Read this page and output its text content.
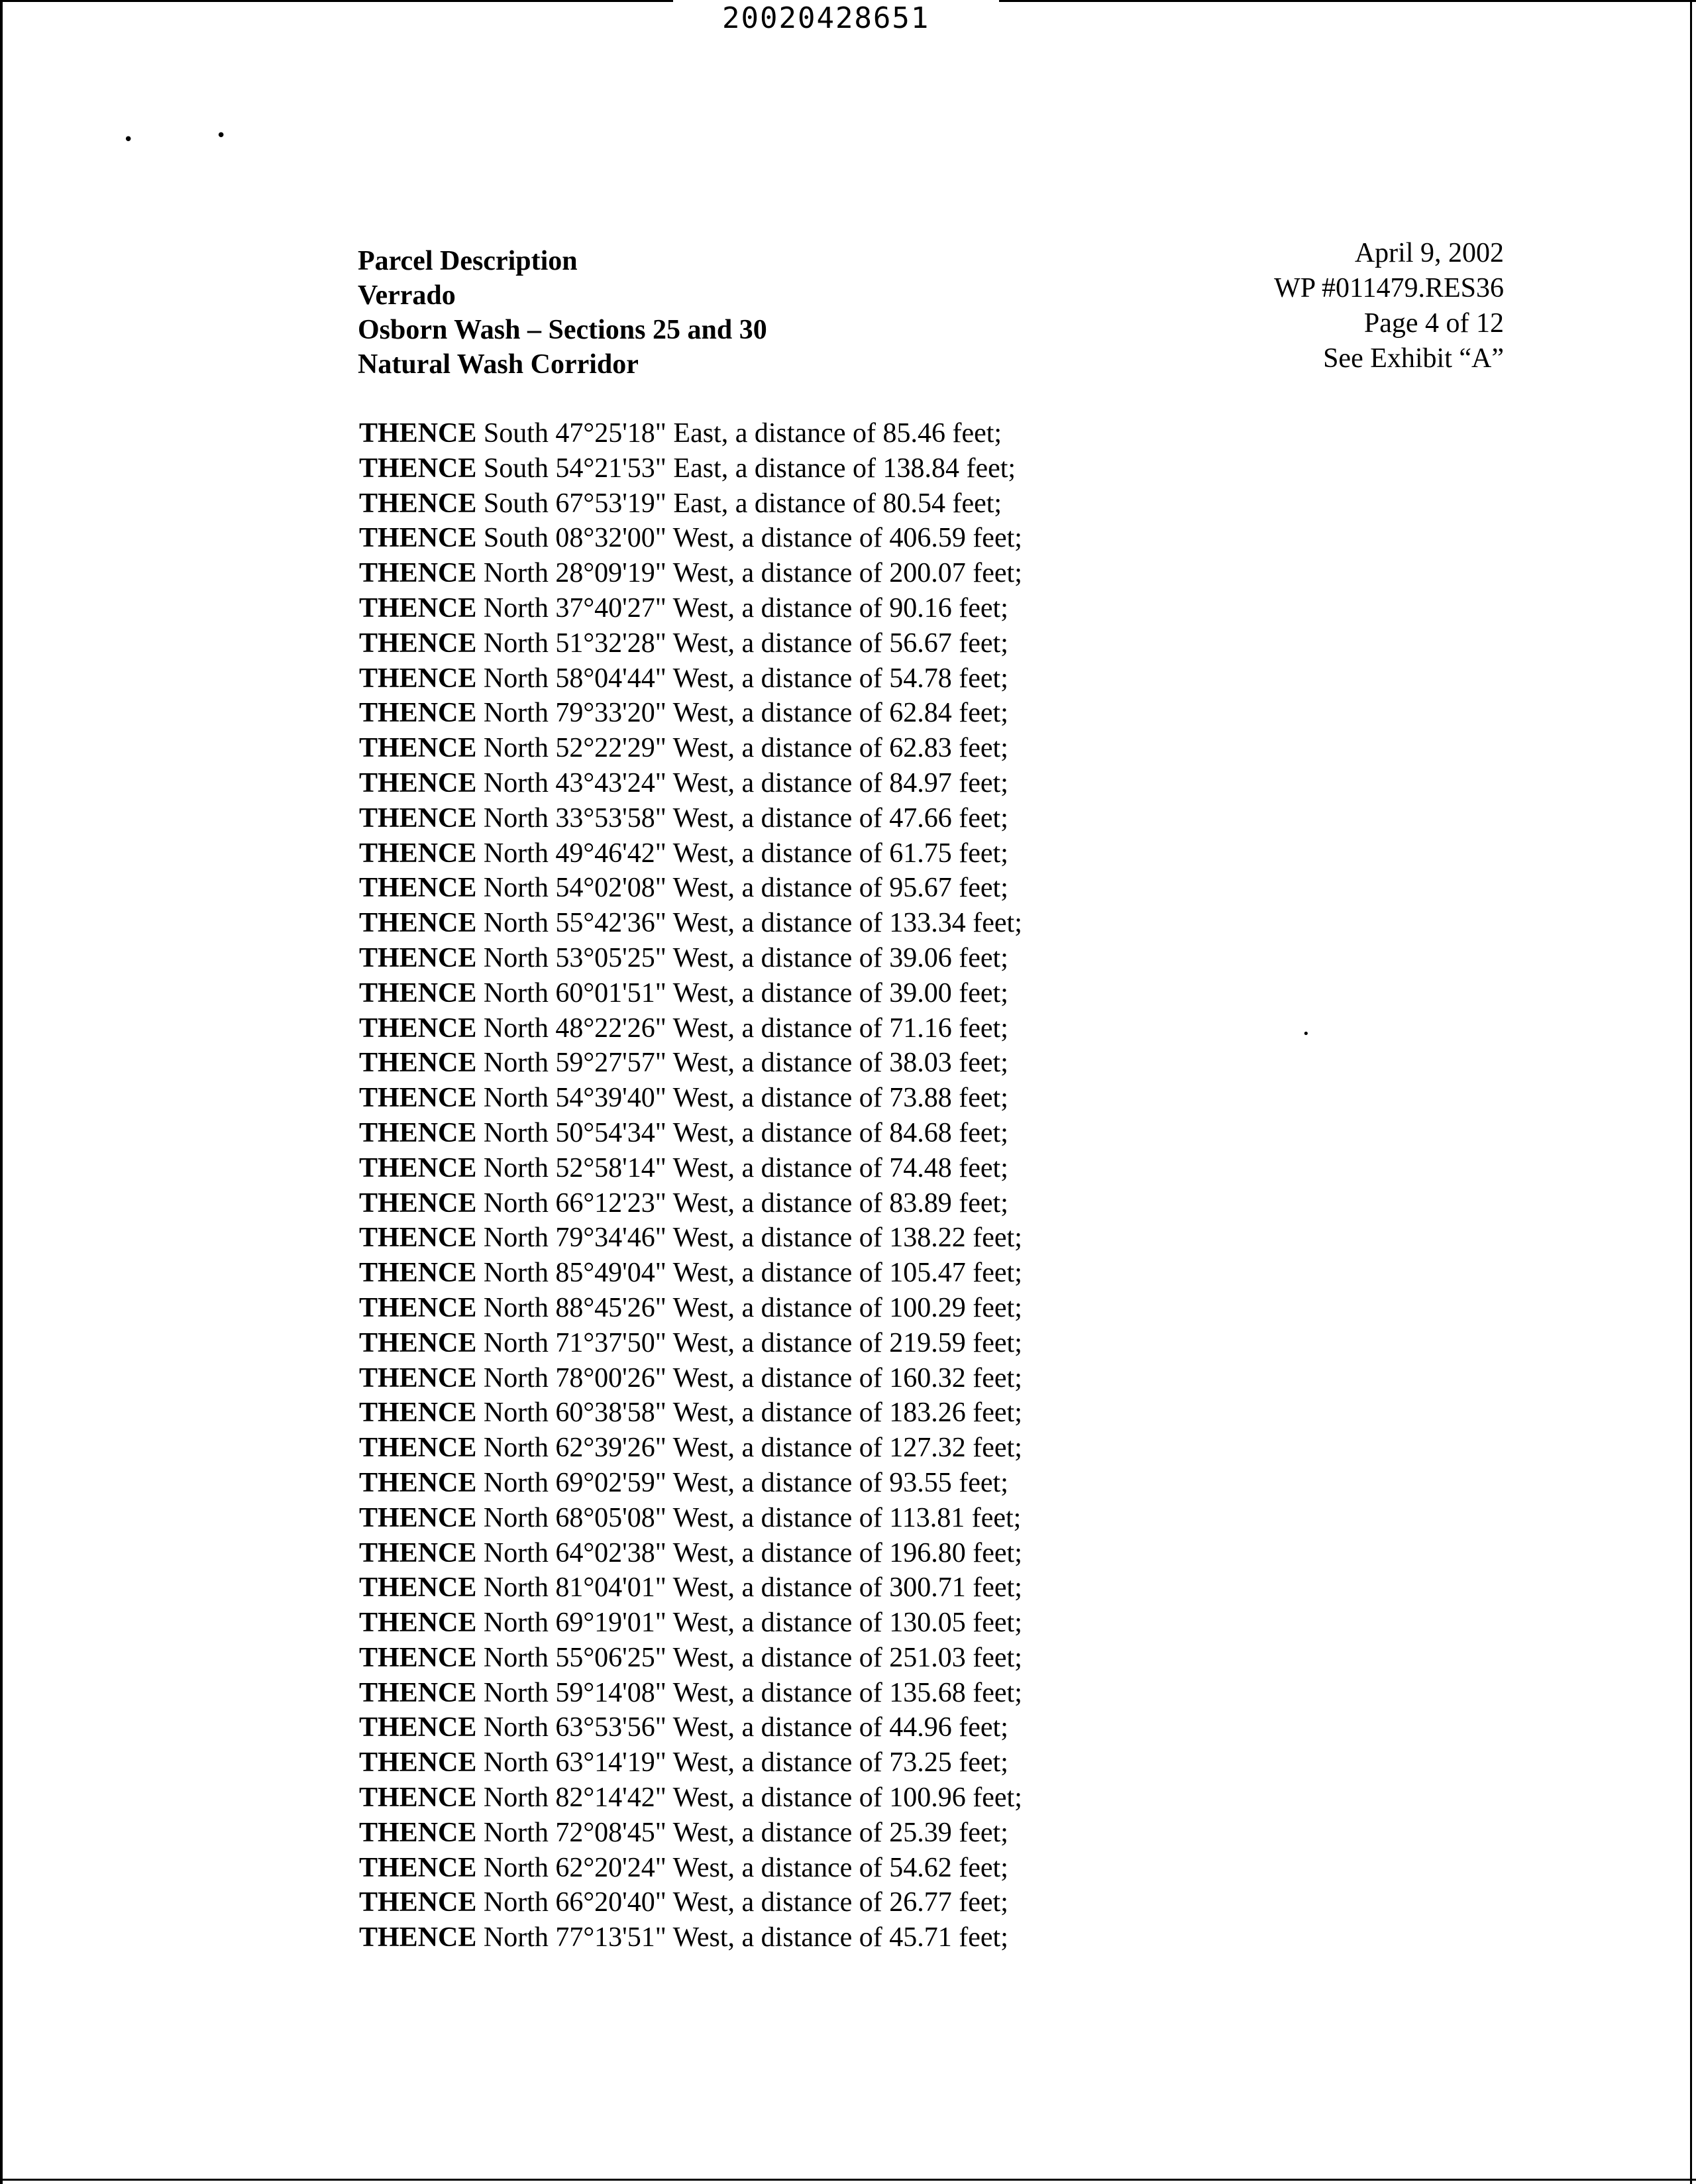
20020428651
•	•
•
Parcel Description
Verrado
Osborn Wash – Sections 25 and 30
Natural Wash Corridor
April 9, 2002
WP #011479.RES36
Page 4 of 12
See Exhibit “A”
THENCE South 47°25'18" East, a distance of 85.46 feet;
THENCE South 54°21'53" East, a distance of 138.84 feet;
THENCE South 67°53'19" East, a distance of 80.54 feet;
THENCE South 08°32'00" West, a distance of 406.59 feet;
THENCE North 28°09'19" West, a distance of 200.07 feet;
THENCE North 37°40'27" West, a distance of 90.16 feet;
THENCE North 51°32'28" West, a distance of 56.67 feet;
THENCE North 58°04'44" West, a distance of 54.78 feet;
THENCE North 79°33'20" West, a distance of 62.84 feet;
THENCE North 52°22'29" West, a distance of 62.83 feet;
THENCE North 43°43'24" West, a distance of 84.97 feet;
THENCE North 33°53'58" West, a distance of 47.66 feet;
THENCE North 49°46'42" West, a distance of 61.75 feet;
THENCE North 54°02'08" West, a distance of 95.67 feet;
THENCE North 55°42'36" West, a distance of 133.34 feet;
THENCE North 53°05'25" West, a distance of 39.06 feet;
THENCE North 60°01'51" West, a distance of 39.00 feet;
THENCE North 48°22'26" West, a distance of 71.16 feet;
THENCE North 59°27'57" West, a distance of 38.03 feet;
THENCE North 54°39'40" West, a distance of 73.88 feet;
THENCE North 50°54'34" West, a distance of 84.68 feet;
THENCE North 52°58'14" West, a distance of 74.48 feet;
THENCE North 66°12'23" West, a distance of 83.89 feet;
THENCE North 79°34'46" West, a distance of 138.22 feet;
THENCE North 85°49'04" West, a distance of 105.47 feet;
THENCE North 88°45'26" West, a distance of 100.29 feet;
THENCE North 71°37'50" West, a distance of 219.59 feet;
THENCE North 78°00'26" West, a distance of 160.32 feet;
THENCE North 60°38'58" West, a distance of 183.26 feet;
THENCE North 62°39'26" West, a distance of 127.32 feet;
THENCE North 69°02'59" West, a distance of 93.55 feet;
THENCE North 68°05'08" West, a distance of 113.81 feet;
THENCE North 64°02'38" West, a distance of 196.80 feet;
THENCE North 81°04'01" West, a distance of 300.71 feet;
THENCE North 69°19'01" West, a distance of 130.05 feet;
THENCE North 55°06'25" West, a distance of 251.03 feet;
THENCE North 59°14'08" West, a distance of 135.68 feet;
THENCE North 63°53'56" West, a distance of 44.96 feet;
THENCE North 63°14'19" West, a distance of 73.25 feet;
THENCE North 82°14'42" West, a distance of 100.96 feet;
THENCE North 72°08'45" West, a distance of 25.39 feet;
THENCE North 62°20'24" West, a distance of 54.62 feet;
THENCE North 66°20'40" West, a distance of 26.77 feet;
THENCE North 77°13'51" West, a distance of 45.71 feet;
